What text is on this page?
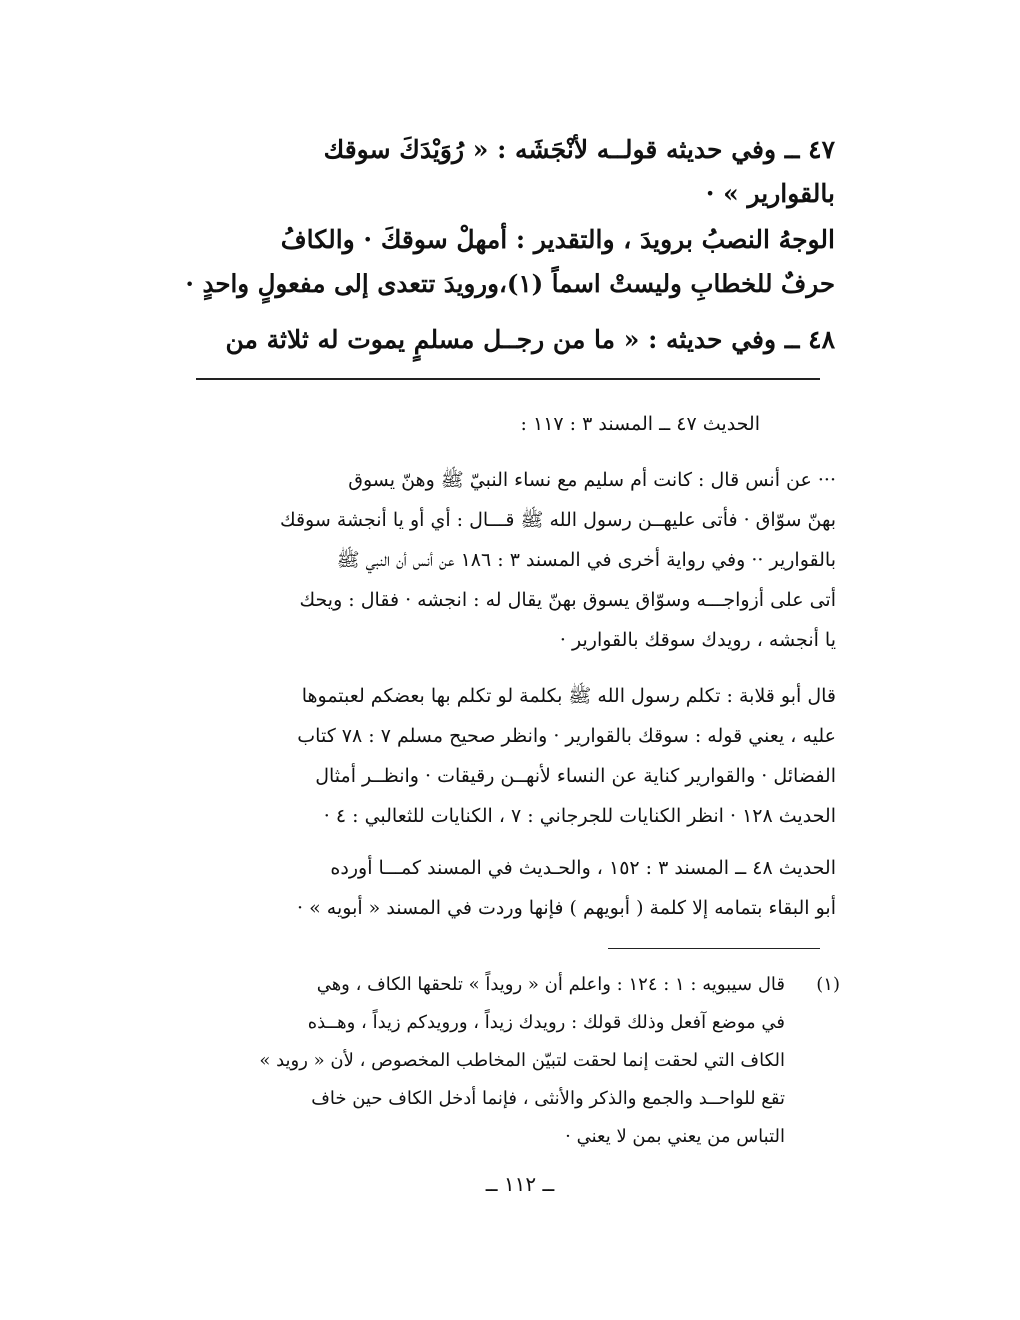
٤٧ ــ وفي حديثه قولــه لأنْجَشَه : « رُوَيْدَكَ سوقك
بالقوارير » ·
الوجهُ النصبُ برويدَ ، والتقدير : أمهلْ سوقكَ · والكافُ
حرفٌ للخطابِ وليستْ اسماً (١)،ورويدَ تتعدى إلى مفعولٍ واحدٍ ·
٤٨ ــ وفي حديثه : « ما من رجــل مسلمٍ يموت له ثلاثة من
الحديث ٤٧ ــ المسند ٣ : ١١٧ :
··· عن أنس قال : كانت أم سليم مع نساء النبيّ ﷺ وهنّ يسوق
بهنّ سوّاق · فأتى عليهــن رسول الله ﷺ قـــال : أي أو يا أنجشة سوقك
بالقوارير ·· وفي رواية أخرى في المسند ٣ : ١٨٦ عن أنس أن النبي ﷺ
أتى على أزواجـــه وسوّاق يسوق بهنّ يقال له : انجشه · فقال : ويحك
يا أنجشه ، رويدك سوقك بالقوارير ·
قال أبو قلابة : تكلم رسول الله ﷺ بكلمة لو تكلم بها بعضكم لعبتموها
عليه ، يعني قوله : سوقك بالقوارير · وانظر صحيح مسلم ٧ : ٧٨ كتاب
الفضائل · والقوارير كناية عن النساء لأنهــن رقيقات · وانظــر أمثال
الحديث ١٢٨ · انظر الكنايات للجرجاني : ٧ ، الكنايات للثعالبي : ٤ ·
الحديث ٤٨ ــ المسند ٣ : ١٥٢ ، والحـديث في المسند كمـــا أورده
أبو البقاء بتمامه إلا كلمة ( أبويهم ) فإنها وردت في المسند « أبويه » ·
(١)
قال سيبويه : ١ : ١٢٤ : واعلم أن « رويداً » تلحقها الكاف ، وهي
في موضع آفعل وذلك قولك : رويدك زيداً ، ورويدكم زيداً ، وهــذه
الكاف التي لحقت إنما لحقت لتبيّن المخاطب المخصوص ، لأن « رويد »
تقع للواحــد والجمع والذكر والأنثى ، فإنما أدخل الكاف حين خاف
التباس من يعني بمن لا يعني ·
ــ ١١٢ ــ
